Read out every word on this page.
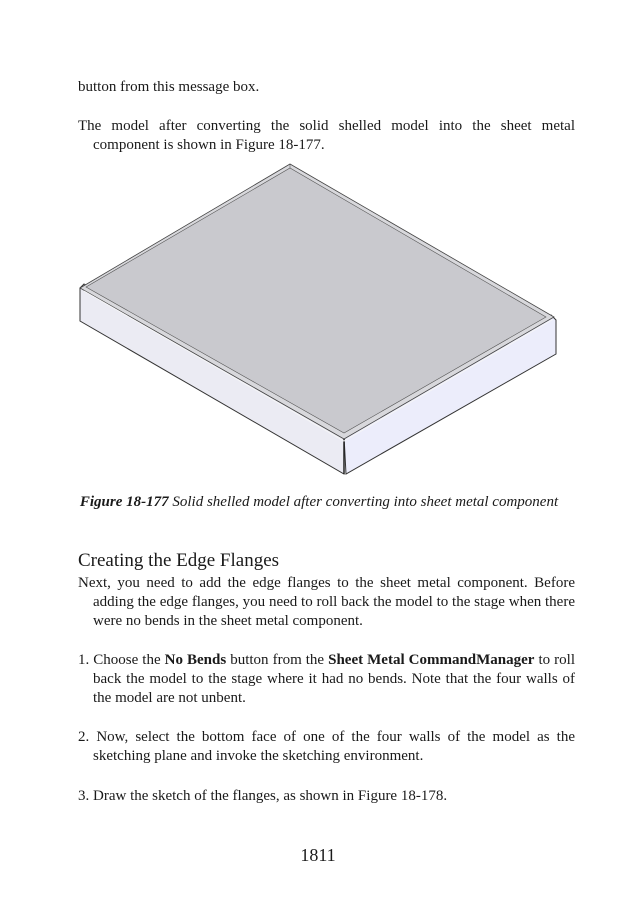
button from this message box.

The model after converting the solid shelled model into the sheet metal component is shown in Figure 18-177.

Figure 18-177 Solid shelled model after converting into sheet metal component

Creating the Edge Flanges

Next, you need to add the edge flanges to the sheet metal component. Before adding the edge flanges, you need to roll back the model to the stage when there were no bends in the sheet metal component.

1. Choose the No Bends button from the Sheet Metal CommandManager to roll back the model to the stage where it had no bends. Note that the four walls of the model are not unbent.

2. Now, select the bottom face of one of the four walls of the model as the sketching plane and invoke the sketching environment.

3. Draw the sketch of the flanges, as shown in Figure 18-178.

1811
